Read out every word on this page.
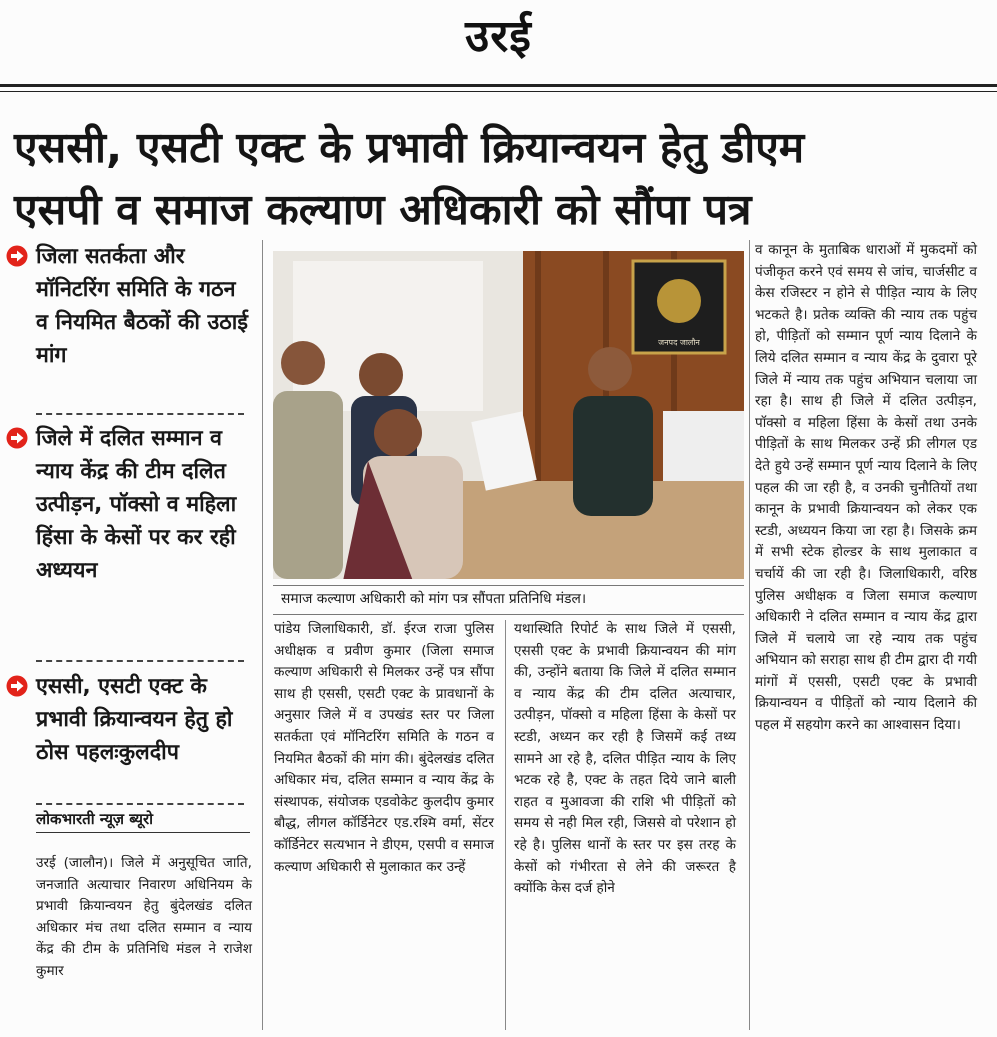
उरई
एससी, एसटी एक्ट के प्रभावी क्रियान्वयन हेतु डीएम
एसपी व समाज कल्याण अधिकारी को सौंपा पत्र
जिला सतर्कता और मॉनिटरिंग समिति के गठन व नियमित बैठकों की उठाई मांग
जिले में दलित सम्मान व न्याय केंद्र की टीम दलित उत्पीड़न, पॉक्सो व महिला हिंसा के केसों पर कर रही अध्ययन
एससी, एसटी एक्ट के प्रभावी क्रियान्वयन हेतु हो ठोस पहलःकुलदीप
लोकभारती न्यूज़ ब्यूरो
जनपद जालौन
समाज कल्याण अधिकारी को मांग पत्र सौंपता प्रतिनिधि मंडल।

उरई (जालौन)। जिले में अनुसूचित जाति, जनजाति अत्याचार निवारण अधिनियम के प्रभावी क्रियान्वयन हेतु बुंदेलखंड दलित अधिकार मंच तथा दलित सम्मान व न्याय केंद्र की टीम के प्रतिनिधि मंडल ने राजेश कुमार

पांडेय जिलाधिकारी, डॉ. ईरज राजा पुलिस अधीक्षक व प्रवीण कुमार (जिला समाज कल्याण अधिकारी से मिलकर उन्हें पत्र सौंपा साथ ही एससी, एसटी एक्ट के प्रावधानों के अनुसार जिले में व उपखंड स्तर पर जिला सतर्कता एवं मॉनिटरिंग समिति के गठन व नियमित बैठकों की मांग की। बुंदेलखंड दलित अधिकार मंच, दलित सम्मान व न्याय केंद्र के संस्थापक, संयोजक एडवोकेट कुलदीप कुमार बौद्ध, लीगल कॉर्डिनेटर एड.रश्मि वर्मा, सेंटर कॉर्डिनेटर सत्यभान ने डीएम, एसपी व समाज कल्याण अधिकारी से मुलाकात कर उन्हें

यथास्थिति रिपोर्ट के साथ जिले में एससी, एससी एक्ट के प्रभावी क्रियान्वयन की मांग की, उन्होंने बताया कि जिले में दलित सम्मान व न्याय केंद्र की टीम दलित अत्याचार, उत्पीड़न, पॉक्सो व महिला हिंसा के केसों पर स्टडी, अध्यन कर रही है जिसमें कई तथ्य सामने आ रहे है, दलित पीड़ित न्याय के लिए भटक रहे है, एक्ट के तहत दिये जाने बाली राहत व मुआवजा की राशि भी पीड़ितों को समय से नही मिल रही, जिससे वो परेशान हो रहे है। पुलिस थानों के स्तर पर इस तरह के केसों को गंभीरता से लेने की जरूरत है क्योंकि केस दर्ज होने

व कानून के मुताबिक धाराओं में मुकदमों को पंजीकृत करने एवं समय से जांच, चार्जसीट व केस रजिस्टर न होने से पीड़ित न्याय के लिए भटकते है। प्रतेक व्यक्ति की न्याय तक पहुंच हो, पीड़ितों को सम्मान पूर्ण न्याय दिलाने के लिये दलित सम्मान व न्याय केंद्र के दुवारा पूरे जिले में न्याय तक पहुंच अभियान चलाया जा रहा है। साथ ही जिले में दलित उत्पीड़न, पॉक्सो व महिला हिंसा के केसों तथा उनके पीड़ितों के साथ मिलकर उन्हें फ्री लीगल एड देते हुये उन्हें सम्मान पूर्ण न्याय दिलाने के लिए पहल की जा रही है, व उनकी चुनौतियों तथा कानून के प्रभावी क्रियान्वयन को लेकर एक स्टडी, अध्ययन किया जा रहा है। जिसके क्रम में सभी स्टेक होल्डर के साथ मुलाकात व चर्चायें की जा रही है। जिलाधिकारी, वरिष्ठ पुलिस अधीक्षक व जिला समाज कल्याण अधिकारी ने दलित सम्मान व न्याय केंद्र द्वारा जिले में चलाये जा रहे न्याय तक पहुंच अभियान को सराहा साथ ही टीम द्वारा दी गयी मांगों में एससी, एसटी एक्ट के प्रभावी क्रियान्वयन व पीड़ितों को न्याय दिलाने की पहल में सहयोग करने का आश्वासन दिया।
